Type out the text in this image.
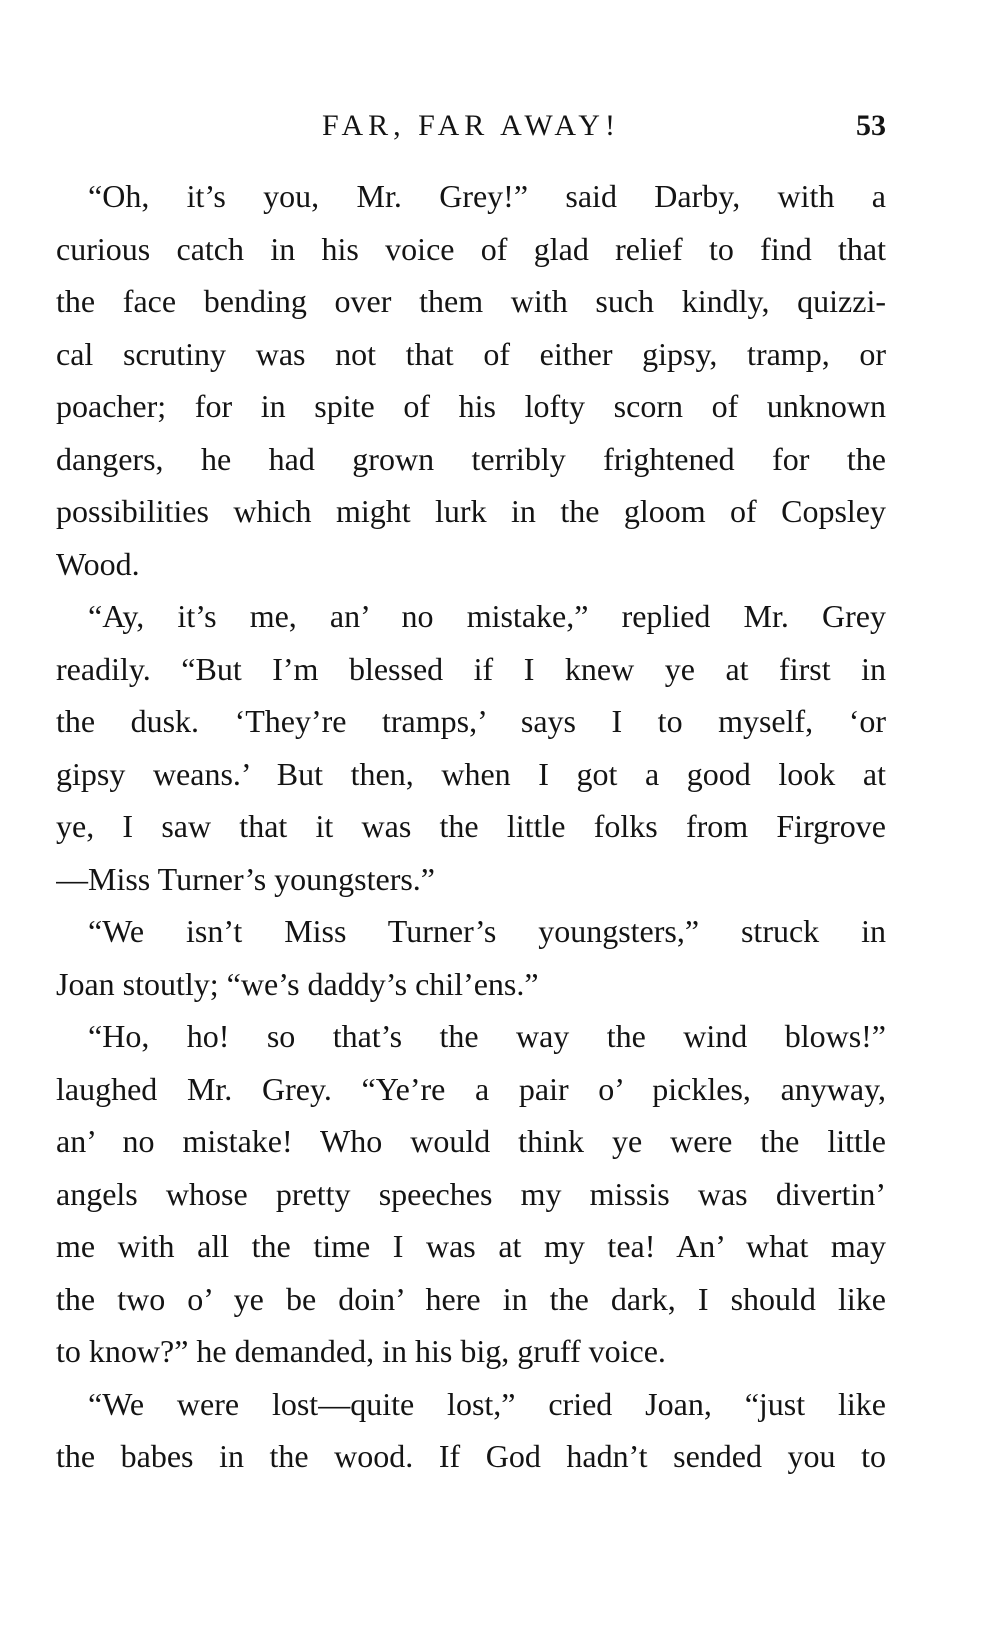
FAR, FAR AWAY!	53
“Oh, it’s you, Mr. Grey!” said Darby, with a
curious catch in his voice of glad relief to find that
the face bending over them with such kindly, quizzi-
cal scrutiny was not that of either gipsy, tramp, or
poacher; for in spite of his lofty scorn of unknown
dangers, he had grown terribly frightened for the
possibilities which might lurk in the gloom of Copsley
Wood.
“Ay, it’s me, an’ no mistake,” replied Mr. Grey
readily. “But I’m blessed if I knew ye at first in
the dusk. ‘They’re tramps,’ says I to myself, ‘or
gipsy weans.’ But then, when I got a good look at
ye, I saw that it was the little folks from Firgrove
—Miss Turner’s youngsters.”
“We isn’t Miss Turner’s youngsters,” struck in
Joan stoutly; “we’s daddy’s chil’ens.”
“Ho, ho! so that’s the way the wind blows!”
laughed Mr. Grey. “Ye’re a pair o’ pickles, anyway,
an’ no mistake! Who would think ye were the little
angels whose pretty speeches my missis was divertin’
me with all the time I was at my tea! An’ what may
the two o’ ye be doin’ here in the dark, I should like
to know?” he demanded, in his big, gruff voice.
“We were lost—quite lost,” cried Joan, “just like
the babes in the wood. If God hadn’t sended you to
